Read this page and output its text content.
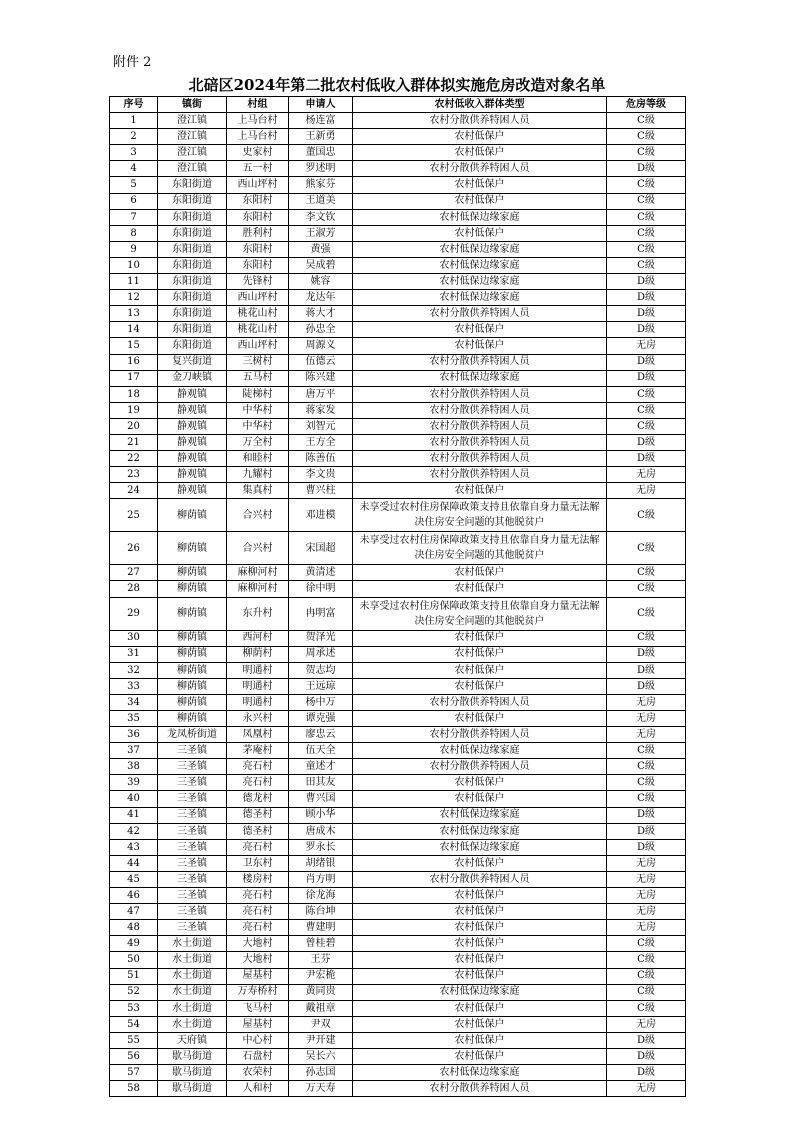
附件 2
北碚区2024年第二批农村低收入群体拟实施危房改造对象名单
序号	镇街	村组	申请人	农村低收入群体类型	危房等级
1	澄江镇	上马台村	杨连富	农村分散供养特困人员	C级
2	澄江镇	上马台村	王新勇	农村低保户	C级
3	澄江镇	史家村	董国忠	农村低保户	C级
4	澄江镇	五一村	罗述明	农村分散供养特困人员	D级
5	东阳街道	西山坪村	熊家芬	农村低保户	C级
6	东阳街道	东阳村	王道美	农村低保户	C级
7	东阳街道	东阳村	李文钦	农村低保边缘家庭	C级
8	东阳街道	胜利村	王淑芳	农村低保户	C级
9	东阳街道	东阳村	黄强	农村低保边缘家庭	C级
10	东阳街道	东阳村	吴成碧	农村低保边缘家庭	C级
11	东阳街道	先锋村	姚容	农村低保边缘家庭	D级
12	东阳街道	西山坪村	龙达年	农村低保边缘家庭	D级
13	东阳街道	桃花山村	蒋大才	农村分散供养特困人员	D级
14	东阳街道	桃花山村	孙忠全	农村低保户	D级
15	东阳街道	西山坪村	周源义	农村低保户	无房
16	复兴街道	三树村	伍德云	农村分散供养特困人员	D级
17	金刀峡镇	五马村	陈兴建	农村低保边缘家庭	D级
18	静观镇	陡梯村	唐万平	农村分散供养特困人员	C级
19	静观镇	中华村	蒋家发	农村分散供养特困人员	C级
20	静观镇	中华村	刘智元	农村分散供养特困人员	C级
21	静观镇	万全村	王方全	农村分散供养特困人员	D级
22	静观镇	和睦村	陈善伍	农村分散供养特困人员	D级
23	静观镇	九耀村	李文贵	农村分散供养特困人员	无房
24	静观镇	集真村	曹兴柱	农村低保户	无房
25	柳荫镇	合兴村	邓进模	未享受过农村住房保障政策支持且依靠自身力量无法解决住房安全问题的其他脱贫户	C级
26	柳荫镇	合兴村	宋国超	未享受过农村住房保障政策支持且依靠自身力量无法解决住房安全问题的其他脱贫户	C级
27	柳荫镇	麻柳河村	黄清述	农村低保户	C级
28	柳荫镇	麻柳河村	徐中明	农村低保户	C级
29	柳荫镇	东升村	冉明富	未享受过农村住房保障政策支持且依靠自身力量无法解决住房安全问题的其他脱贫户	C级
30	柳荫镇	西河村	贺泽光	农村低保户	C级
31	柳荫镇	柳荫村	周承述	农村低保户	D级
32	柳荫镇	明通村	贺志均	农村低保户	D级
33	柳荫镇	明通村	王远琼	农村低保户	D级
34	柳荫镇	明通村	杨中万	农村分散供养特困人员	无房
35	柳荫镇	永兴村	谭克强	农村低保户	无房
36	龙凤桥街道	凤凰村	廖忠云	农村分散供养特困人员	无房
37	三圣镇	茅庵村	伍天全	农村低保边缘家庭	C级
38	三圣镇	亮石村	童述才	农村分散供养特困人员	C级
39	三圣镇	亮石村	田其友	农村低保户	C级
40	三圣镇	德龙村	曹兴国	农村低保户	C级
41	三圣镇	德圣村	顾小华	农村低保边缘家庭	D级
42	三圣镇	德圣村	唐成木	农村低保边缘家庭	D级
43	三圣镇	亮石村	罗永长	农村低保边缘家庭	D级
44	三圣镇	卫东村	胡绪银	农村低保户	无房
45	三圣镇	楼房村	肖方明	农村分散供养特困人员	无房
46	三圣镇	亮石村	徐龙海	农村低保户	无房
47	三圣镇	亮石村	陈台坤	农村低保户	无房
48	三圣镇	亮石村	曹建明	农村低保户	无房
49	水土街道	大地村	曾桂碧	农村低保户	C级
50	水土街道	大地村	王芬	农村低保户	C级
51	水土街道	屋基村	尹宏桅	农村低保户	C级
52	水土街道	万寿桥村	黄同贵	农村低保边缘家庭	C级
53	水土街道	飞马村	戴祖章	农村低保户	C级
54	水土街道	屋基村	尹双	农村低保户	无房
55	天府镇	中心村	尹开建	农村低保户	D级
56	歇马街道	石盘村	吴长六	农村低保户	D级
57	歇马街道	农荣村	孙志国	农村低保边缘家庭	D级
58	歇马街道	人和村	万天寿	农村分散供养特困人员	无房
